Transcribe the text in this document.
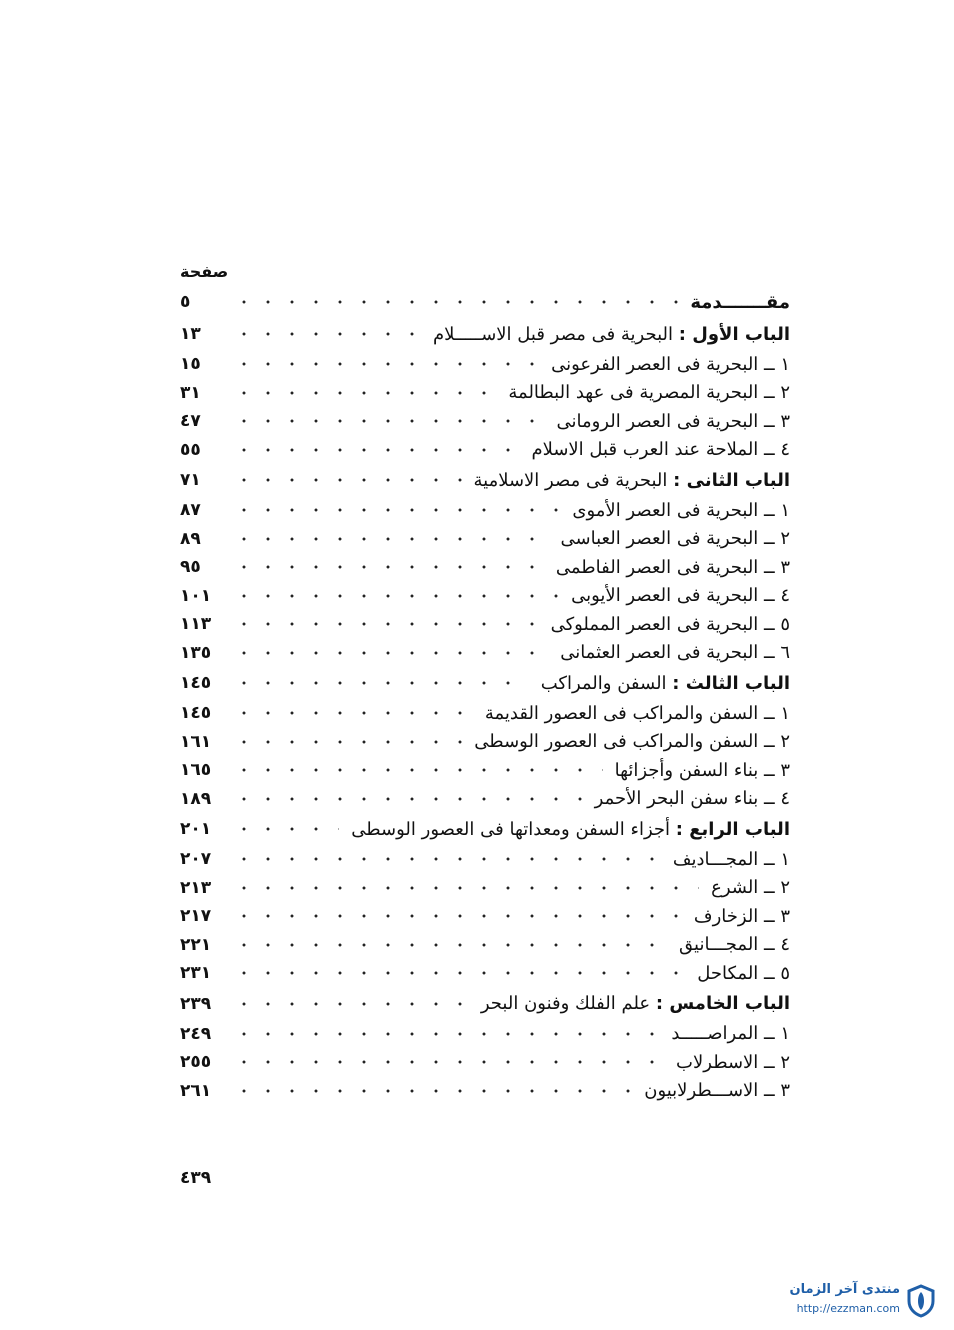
صفحة
مقـــــــدمة
٥
الباب الأول : البحرية فى مصر قبل الاســـــلام
١٣
١ ــ البحرية فى العصر الفرعونى
١٥
٢ ــ البحرية المصرية فى عهد البطالمة
٣١
٣ ــ البحرية فى العصر الرومانى
٤٧
٤ ــ الملاحة عند العرب قبل الاسلام
٥٥
الباب الثانى : البحرية فى مصر الاسلامية
٧١
١ ــ البحرية فى العصر الأموى
٨٧
٢ ــ البحرية فى العصر العباسى
٨٩
٣ ــ البحرية فى العصر الفاطمى
٩٥
٤ ــ البحرية فى العصر الأيوبى
١٠١
٥ ــ البحرية فى العصر المملوكى
١١٣
٦ ــ البحرية فى العصر العثمانى
١٣٥
الباب الثالث : السفن والمراكب
١٤٥
١ ــ السفن والمراكب فى العصور القديمة
١٤٥
٢ ــ السفن والمراكب فى العصور الوسطى
١٦١
٣ ــ بناء السفن وأجزائها
١٦٥
٤ ــ بناء سفن البحر الأحمر
١٨٩
الباب الرابع : أجزاء السفن ومعداتها فى العصور الوسطى
٢٠١
١ ــ المجـــاديف
٢٠٧
٢ ــ الشرع
٢١٣
٣ ــ الزخارف
٢١٧
٤ ــ المجـــانيق
٢٢١
٥ ــ المكاحل
٢٣١
الباب الخامس : علم الفلك وفنون البحر
٢٣٩
١ ــ المراصـــــد
٢٤٩
٢ ــ الاسطرلاب
٢٥٥
٣ ــ الاســـطرلابيون
٢٦١
٤٣٩
منتدى آخر الزمان
http://ezzman.com
